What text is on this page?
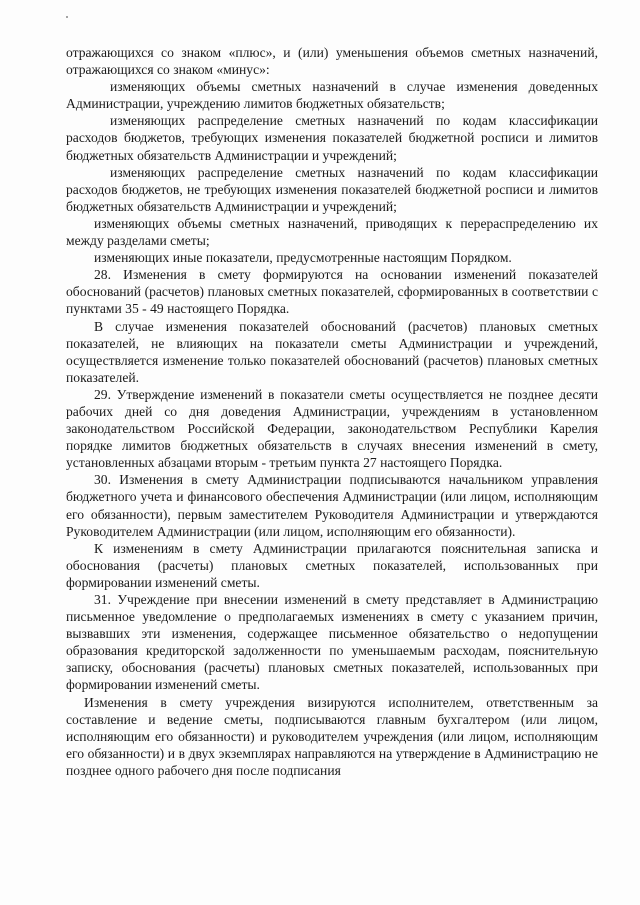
отражающихся со знаком «плюс», и (или) уменьшения объемов сметных назначений, отражающихся со знаком «минус»:

изменяющих объемы сметных назначений в случае изменения доведенных Администрации, учреждению лимитов бюджетных обязательств;

изменяющих распределение сметных назначений по кодам классификации расходов бюджетов, требующих изменения показателей бюджетной росписи и лимитов бюджетных обязательств Администрации и учреждений;

изменяющих распределение сметных назначений по кодам классификации расходов бюджетов, не требующих изменения показателей бюджетной росписи и лимитов бюджетных обязательств Администрации и учреждений;

изменяющих объемы сметных назначений, приводящих к перераспределению их между разделами сметы;

изменяющих иные показатели, предусмотренные настоящим Порядком.

28. Изменения в смету формируются на основании изменений показателей обоснований (расчетов) плановых сметных показателей, сформированных в соответствии с пунктами 35 - 49 настоящего Порядка.

В случае изменения показателей обоснований (расчетов) плановых сметных показателей, не влияющих на показатели сметы Администрации и учреждений, осуществляется изменение только показателей обоснований (расчетов) плановых сметных показателей.

29. Утверждение изменений в показатели сметы осуществляется не позднее десяти рабочих дней со дня доведения Администрации, учреждениям в установленном законодательством Российской Федерации, законодательством Республики Карелия порядке лимитов бюджетных обязательств в случаях внесения изменений в смету, установленных абзацами вторым - третьим пункта 27 настоящего Порядка.

30. Изменения в смету Администрации подписываются начальником управления бюджетного учета и финансового обеспечения Администрации (или лицом, исполняющим его обязанности), первым заместителем Руководителя Администрации и утверждаются Руководителем Администрации (или лицом, исполняющим его обязанности).

К изменениям в смету Администрации прилагаются пояснительная записка и обоснования (расчеты) плановых сметных показателей, использованных при формировании изменений сметы.

31. Учреждение при внесении изменений в смету представляет в Администрацию письменное уведомление о предполагаемых изменениях в смету с указанием причин, вызвавших эти изменения, содержащее письменное обязательство о недопущении образования кредиторской задолженности по уменьшаемым расходам, пояснительную записку, обоснования (расчеты) плановых сметных показателей, использованных при формировании изменений сметы.

Изменения в смету учреждения визируются исполнителем, ответственным за составление и ведение сметы, подписываются главным бухгалтером (или лицом, исполняющим его обязанности) и руководителем учреждения (или лицом, исполняющим его обязанности) и в двух экземплярах направляются на утверждение в Администрацию не позднее одного рабочего дня после подписания
